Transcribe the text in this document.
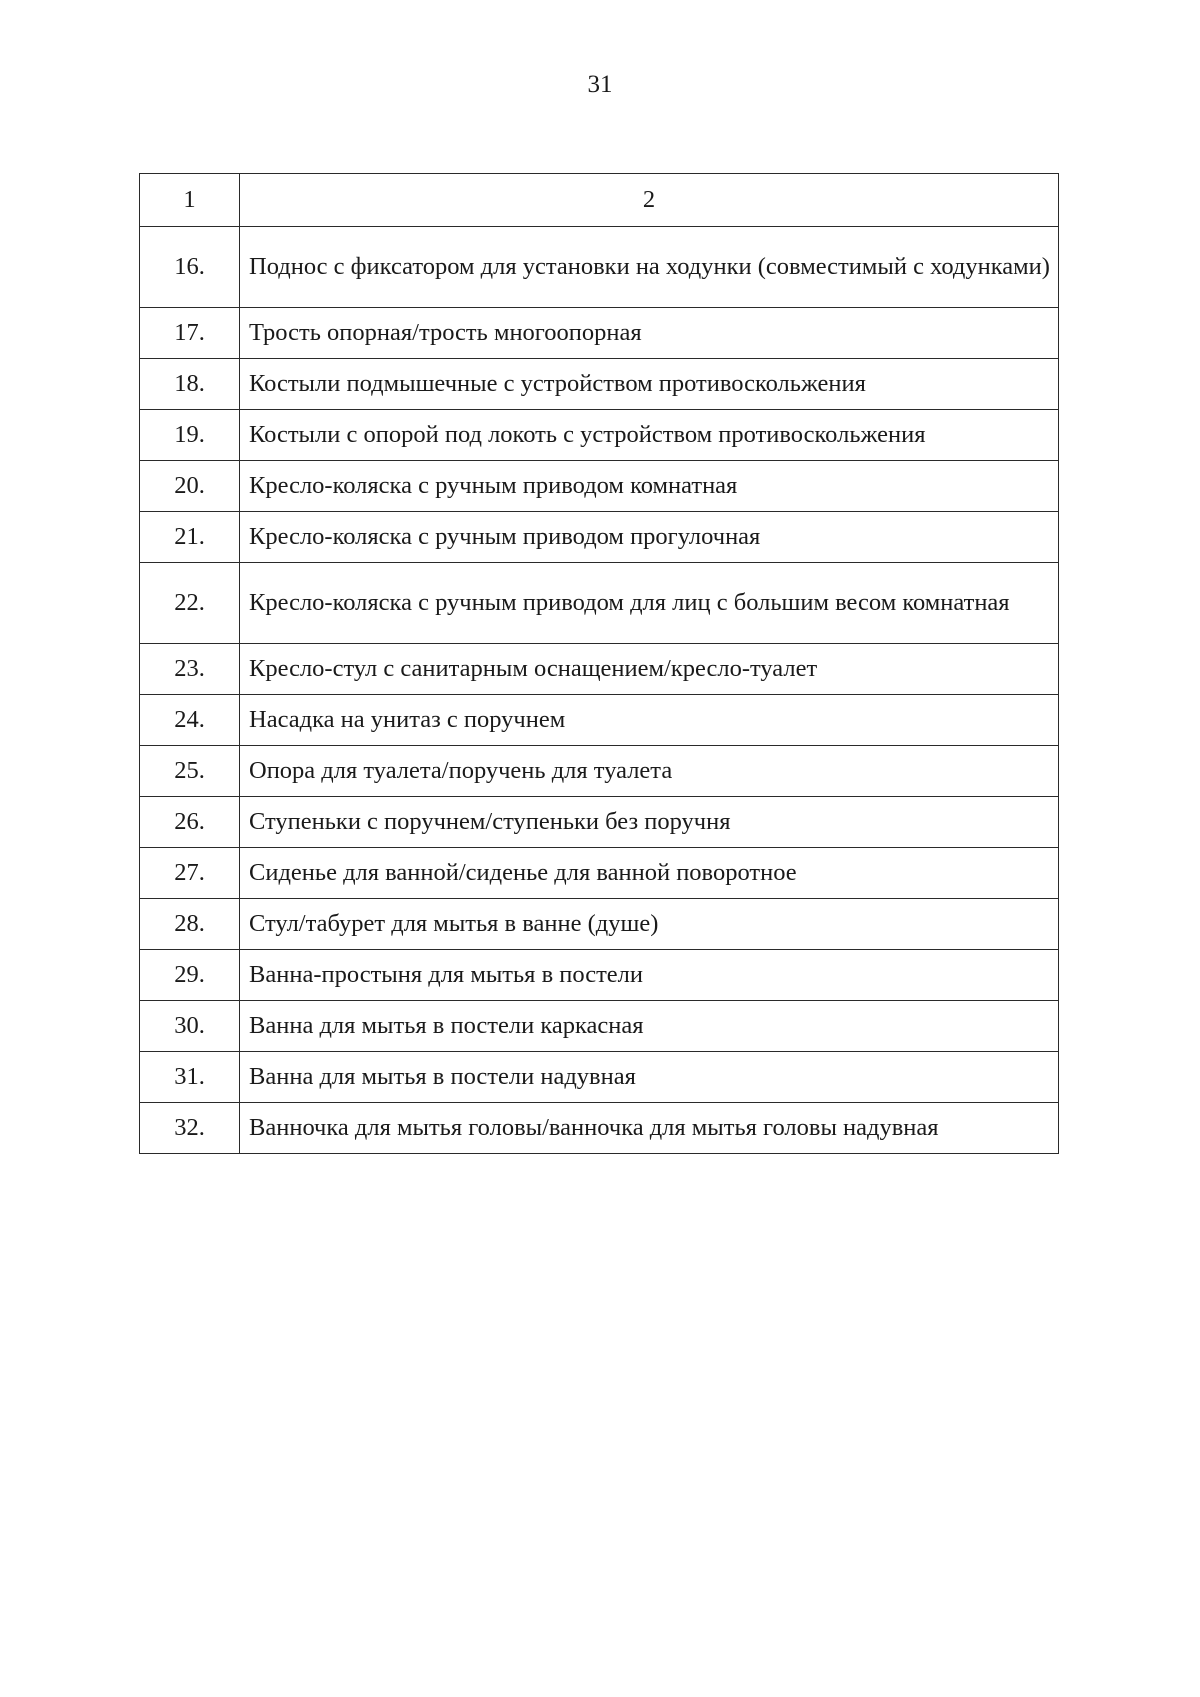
31
1	2
16.	Поднос с фиксатором для установки на ходунки (совместимый с ходунками)
17.	Трость опорная/трость многоопорная
18.	Костыли подмышечные с устройством противоскольжения
19.	Костыли с опорой под локоть с устройством противоскольжения
20.	Кресло-коляска с ручным приводом комнатная
21.	Кресло-коляска с ручным приводом прогулочная
22.	Кресло-коляска с ручным приводом для лиц с большим весом комнатная
23.	Кресло-стул с санитарным оснащением/кресло-туалет
24.	Насадка на унитаз с поручнем
25.	Опора для туалета/поручень для туалета
26.	Ступеньки с поручнем/ступеньки без поручня
27.	Сиденье для ванной/сиденье для ванной поворотное
28.	Стул/табурет для мытья в ванне (душе)
29.	Ванна-простыня для мытья в постели
30.	Ванна для мытья в постели каркасная
31.	Ванна для мытья в постели надувная
32.	Ванночка для мытья головы/ванночка для мытья головы надувная
